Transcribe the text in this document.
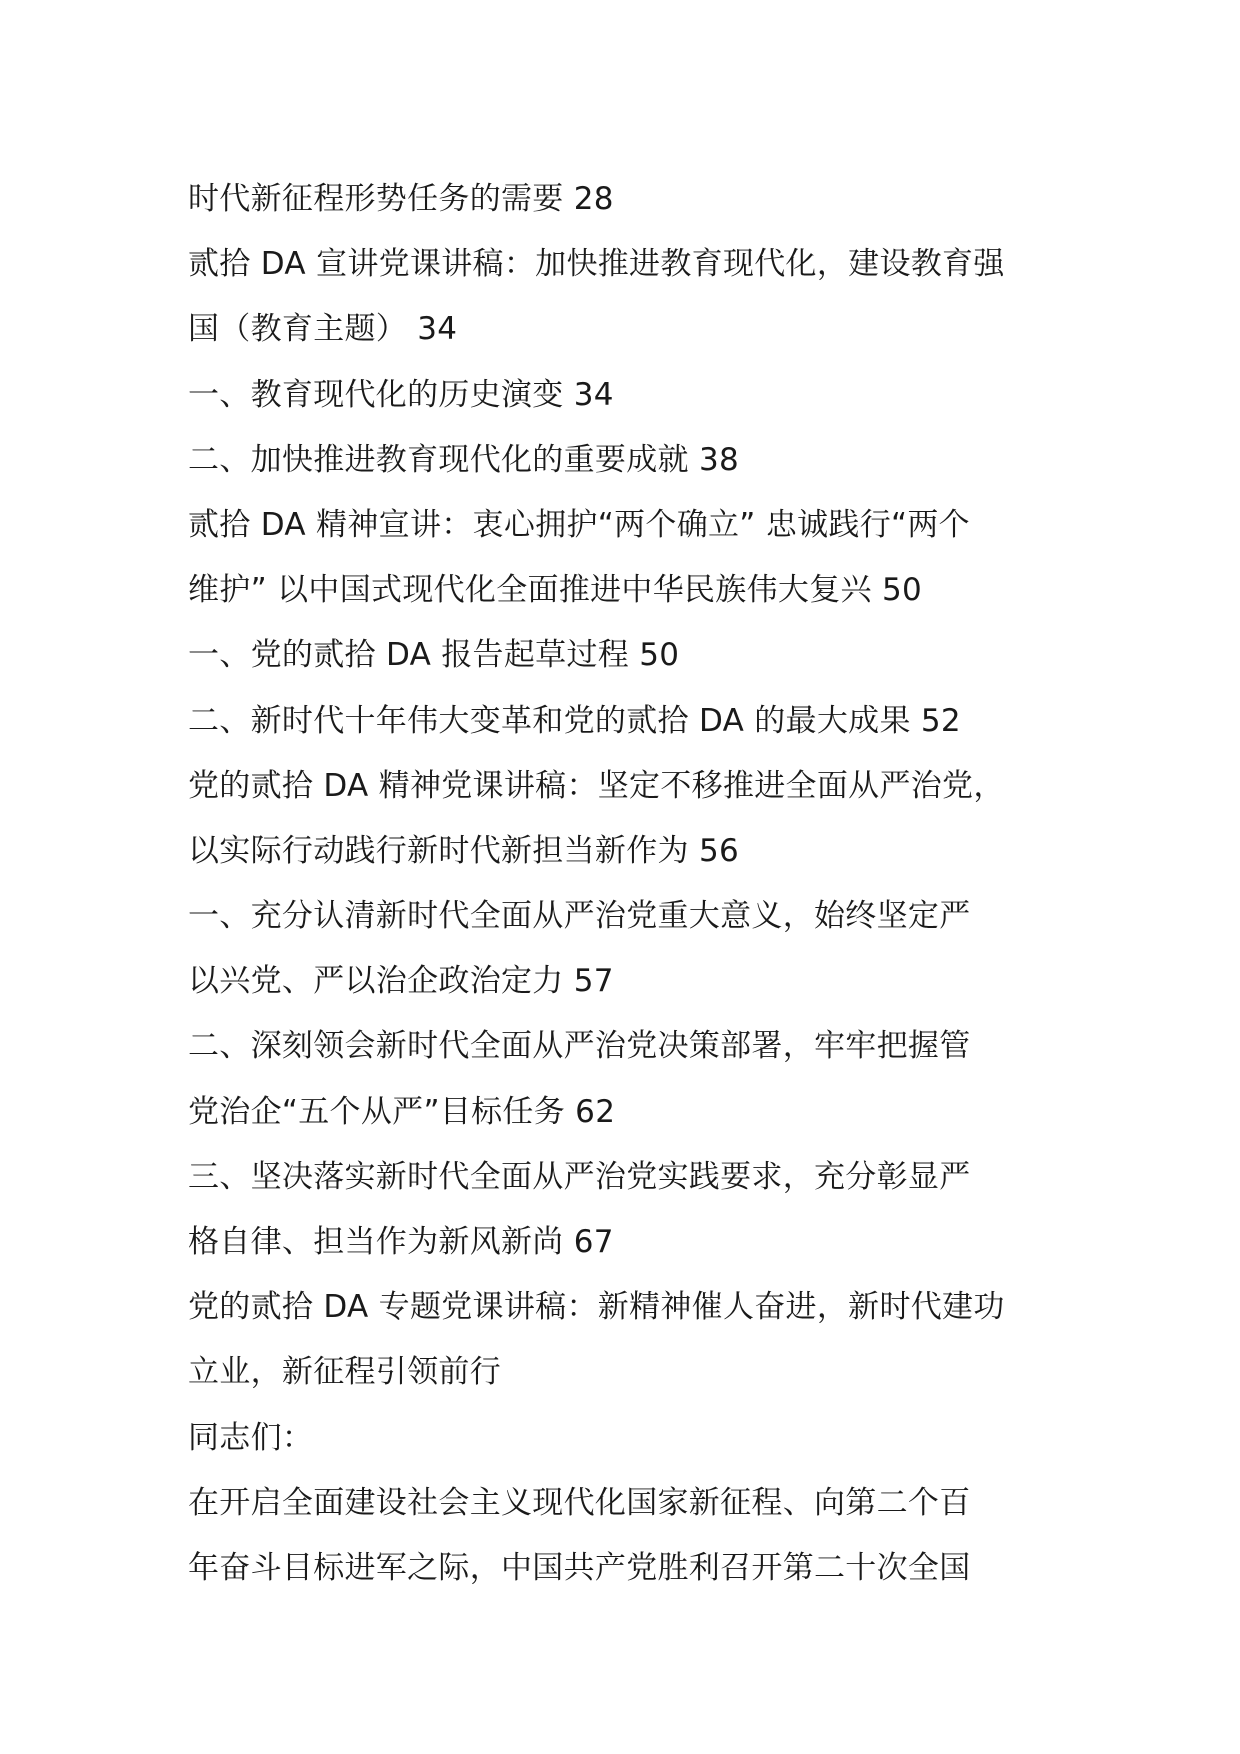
时代新征程形势任务的需要 28
贰拾 DA 宣讲党课讲稿：加快推进教育现代化，建设教育强
国（教育主题） 34
一、教育现代化的历史演变 34
二、加快推进教育现代化的重要成就 38
贰拾 DA 精神宣讲：衷心拥护“两个确立” 忠诚践行“两个
维护” 以中国式现代化全面推进中华民族伟大复兴 50
一、党的贰拾 DA 报告起草过程 50
二、新时代十年伟大变革和党的贰拾 DA 的最大成果 52
党的贰拾 DA 精神党课讲稿：坚定不移推进全面从严治党，
以实际行动践行新时代新担当新作为 56
一、充分认清新时代全面从严治党重大意义，始终坚定严
以兴党、严以治企政治定力 57
二、深刻领会新时代全面从严治党决策部署，牢牢把握管
党治企“五个从严”目标任务 62
三、坚决落实新时代全面从严治党实践要求，充分彰显严
格自律、担当作为新风新尚 67
党的贰拾 DA 专题党课讲稿：新精神催人奋进，新时代建功
立业，新征程引领前行
同志们：
在开启全面建设社会主义现代化国家新征程、向第二个百
年奋斗目标进军之际，中国共产党胜利召开第二十次全国
